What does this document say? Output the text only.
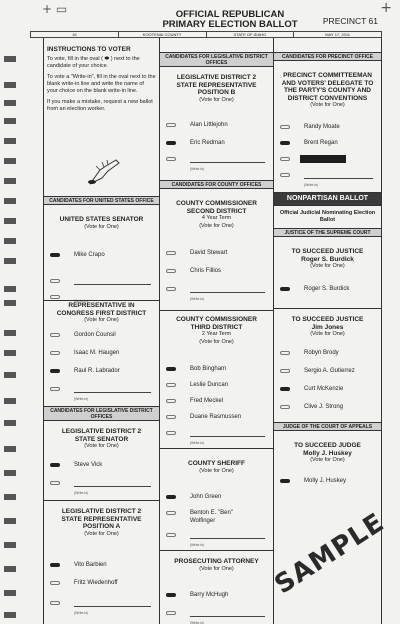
+ ▭	+
OFFICIAL REPUBLICAN
PRIMARY ELECTION BALLOT	PRECINCT 61
16	KOOTENAI COUNTY	STATE OF IDAHO	MAY 17, 2011
INSTRUCTIONS TO VOTER

To vote, fill in the oval ( ⬬ ) next to the candidate of your choice.

To vote a "Write-in", fill in the oval next to the blank write-in line and write the name of your choice on the blank write-in line.

If you make a mistake, request a new ballot from an election worker.

CANDIDATES FOR UNITED STATES OFFICE
UNITED STATES SENATOR
(Vote for One)
Mike Crapo
(Write-in)
REPRESENTATIVE IN
CONGRESS FIRST DISTRICT
(Vote for One)
Gordon Counsil
Isaac M. Haugen
Raul R. Labrador
(Write-in)
CANDIDATES FOR LEGISLATIVE DISTRICT OFFICES
LEGISLATIVE DISTRICT 2
STATE SENATOR
(Vote for One)
Steve Vick
(Write-in)
LEGISLATIVE DISTRICT 2
STATE REPRESENTATIVE
POSITION A
(Vote for One)
Vito Barbieri
Fritz Wiedenhoff
(Write-in)
CANDIDATES FOR LEGISLATIVE DISTRICT OFFICES
LEGISLATIVE DISTRICT 2
STATE REPRESENTATIVE
POSITION B
(Vote for One)
Alan Littlejohn
Eric Redman
(Write-in)
CANDIDATES FOR COUNTY OFFICES
COUNTY COMMISSIONER
SECOND DISTRICT
4 Year Term
(Vote for One)
David Stewart
Chris Fillios
(Write-in)
COUNTY COMMISSIONER
THIRD DISTRICT
2 Year Term
(Vote for One)
Bob Bingham
Leslie Duncan
Fred Meckel
Duane Rasmussen
(Write-in)
COUNTY SHERIFF
(Vote for One)
John Green
Benton E. "Ben"
Wolfinger
(Write-in)
PROSECUTING ATTORNEY
(Vote for One)
Barry McHugh
(Write-in)
CANDIDATES FOR PRECINCT OFFICE
PRECINCT COMMITTEEMAN
AND VOTERS' DELEGATE TO
THE PARTY'S COUNTY AND
DISTRICT CONVENTIONS
(Vote for One)
Randy Moate
Brent Regan
(Write-in)
NONPARTISAN BALLOT
Official Judicial Nominating Election Ballot
JUSTICE OF THE SUPREME COURT
TO SUCCEED JUSTICE
Roger S. Burdick
(Vote for One)
Roger S. Burdick
TO SUCCEED JUSTICE
Jim Jones
(Vote for One)
Robyn Brody
Sergio A. Gutierrez
Curt McKenzie
Clive J. Strong
JUDGE OF THE COURT OF APPEALS
TO SUCCEED JUDGE
Molly J. Huskey
(Vote for One)
Molly J. Huskey
SAMPLE
